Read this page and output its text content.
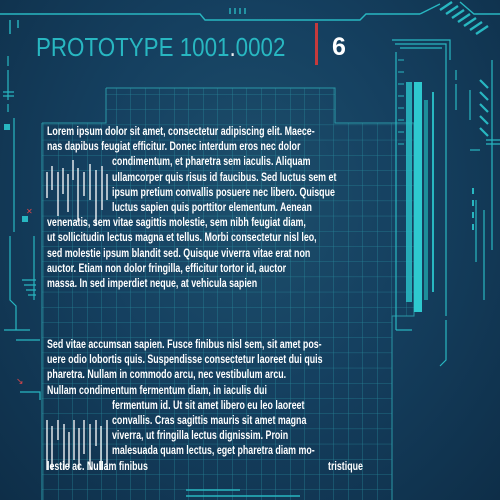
✕
↘
PROTOTYPE 1001.0002 6
Lorem ipsum dolor sit amet, consectetur adipiscing elit. Maece-
nas dapibus feugiat efficitur. Donec interdum eros nec dolor
condimentum, et pharetra sem iaculis. Aliquam
ullamcorper quis risus id faucibus. Sed luctus sem et
ipsum pretium convallis posuere nec libero. Quisque
luctus sapien quis porttitor elementum. Aenean
venenatis, sem vitae sagittis molestie, sem nibh feugiat diam,
ut sollicitudin lectus magna et tellus. Morbi consectetur nisl leo,
sed molestie ipsum blandit sed. Quisque viverra vitae erat non
auctor. Etiam non dolor fringilla, efficitur tortor id, auctor
massa. In sed imperdiet neque, at vehicula sapien
Sed vitae accumsan sapien. Fusce finibus nisl sem, sit amet pos-
uere odio lobortis quis. Suspendisse consectetur laoreet dui quis
pharetra. Nullam in commodo arcu, nec vestibulum arcu.
Nullam condimentum fermentum diam, in iaculis dui
fermentum id. Ut sit amet libero eu leo laoreet
convallis. Cras sagittis mauris sit amet magna
viverra, ut fringilla lectus dignissim. Proin
malesuada quam lectus, eget pharetra diam mo-
lestie ac. Nullam finibus	tristique
